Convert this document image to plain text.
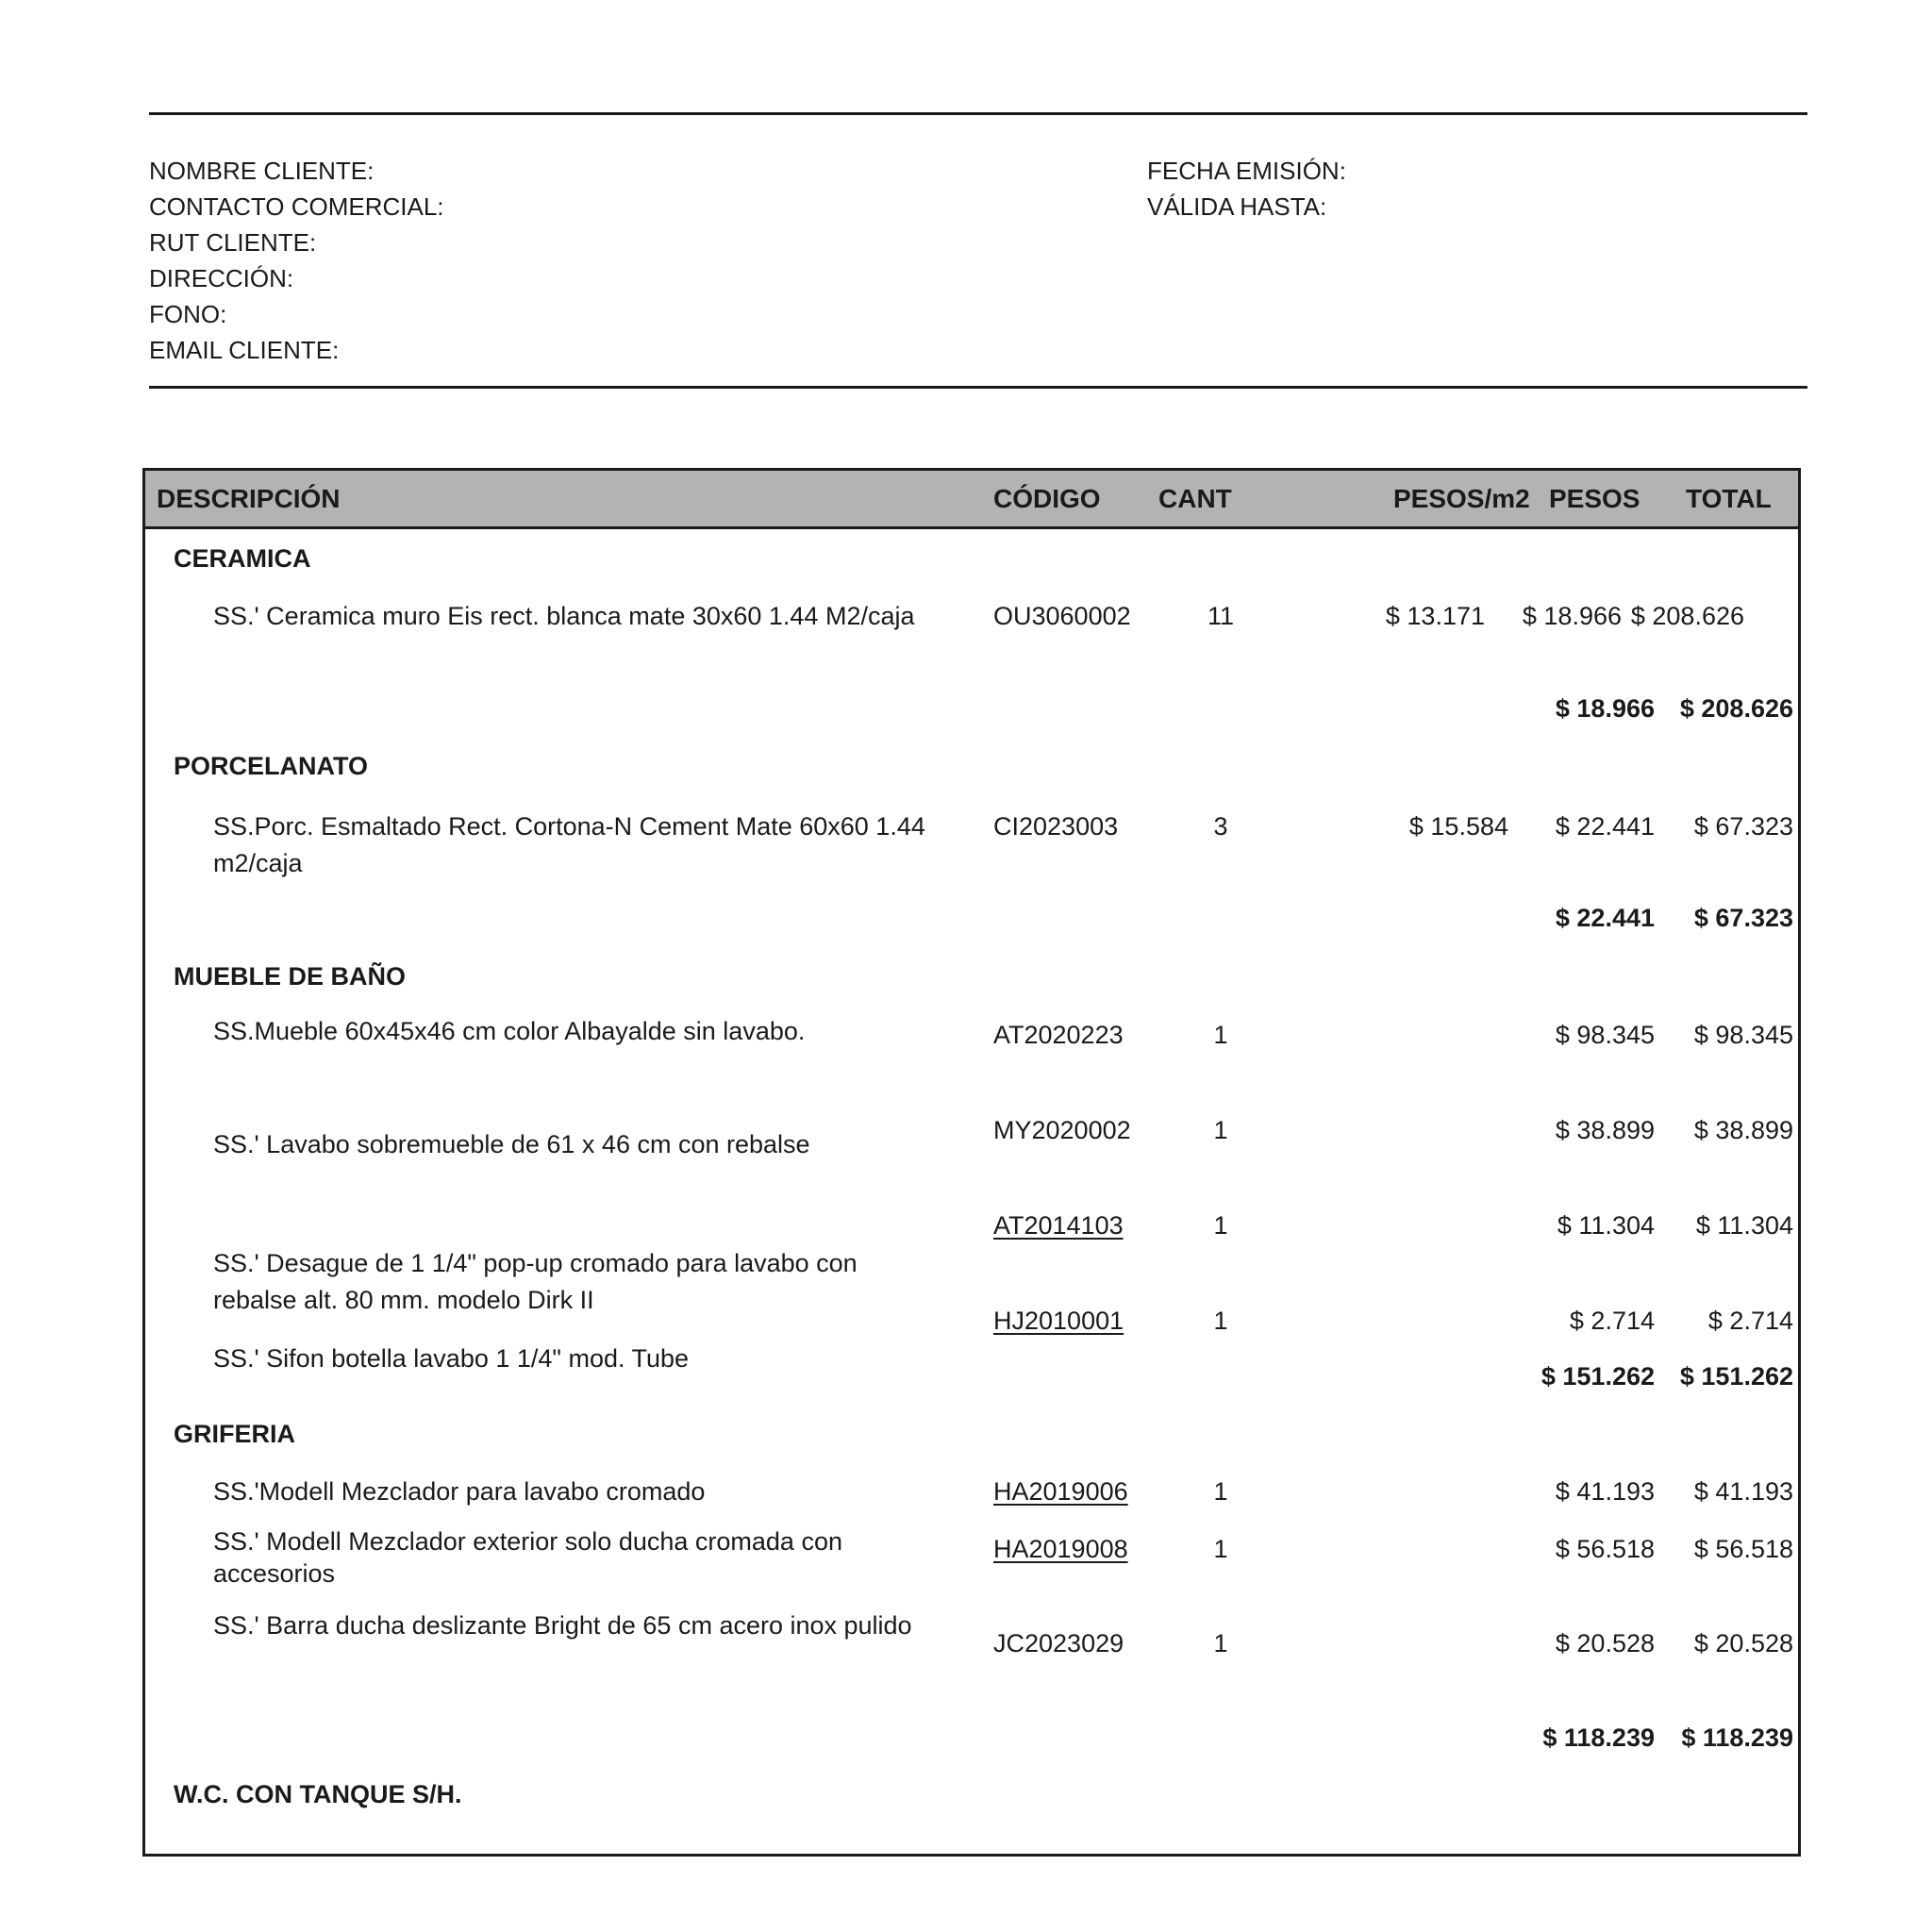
NOMBRE CLIENTE:
CONTACTO COMERCIAL:
RUT CLIENTE:
DIRECCIÓN:
FONO:
EMAIL CLIENTE:
FECHA EMISIÓN:
VÁLIDA HASTA:
DESCRIPCIÓN	CÓDIGO CANT	PESOS/m2 PESOS TOTAL
CERAMICA
SS.' Ceramica muro Eis rect. blanca mate 30x60 1.44 M2/caja	OU3060002	11	$ 13.171	$ 18.966 $ 208.626
$ 18.966 $ 208.626
PORCELANATO
SS.Porc. Esmaltado Rect. Cortona-N Cement Mate 60x60 1.44
m2/caja
CI2023003	3	$ 15.584	$ 22.441	$ 67.323
$ 22.441	$ 67.323
MUEBLE DE BAÑO
SS.Mueble 60x45x46 cm color Albayalde sin lavabo.	AT2020223	1	$ 98.345	$ 98.345
SS.' Lavabo sobremueble de 61 x 46 cm con rebalse	MY2020002	1	$ 38.899	$ 38.899
AT2014103	1	$ 11.304	$ 11.304
SS.' Desague de 1 1/4" pop-up cromado para lavabo con
rebalse alt. 80 mm. modelo Dirk II
HJ2010001	1	$ 2.714	$ 2.714
SS.' Sifon botella lavabo 1 1/4" mod. Tube
$ 151.262 $ 151.262
GRIFERIA
SS.'Modell Mezclador para lavabo cromado	HA2019006	1	$ 41.193	$ 41.193
SS.' Modell Mezclador exterior solo ducha cromada con
accesorios
HA2019008	1	$ 56.518	$ 56.518
SS.' Barra ducha deslizante Bright de 65 cm acero inox pulido
JC2023029	1	$ 20.528	$ 20.528
$ 118.239	$ 118.239
W.C. CON TANQUE S/H.
